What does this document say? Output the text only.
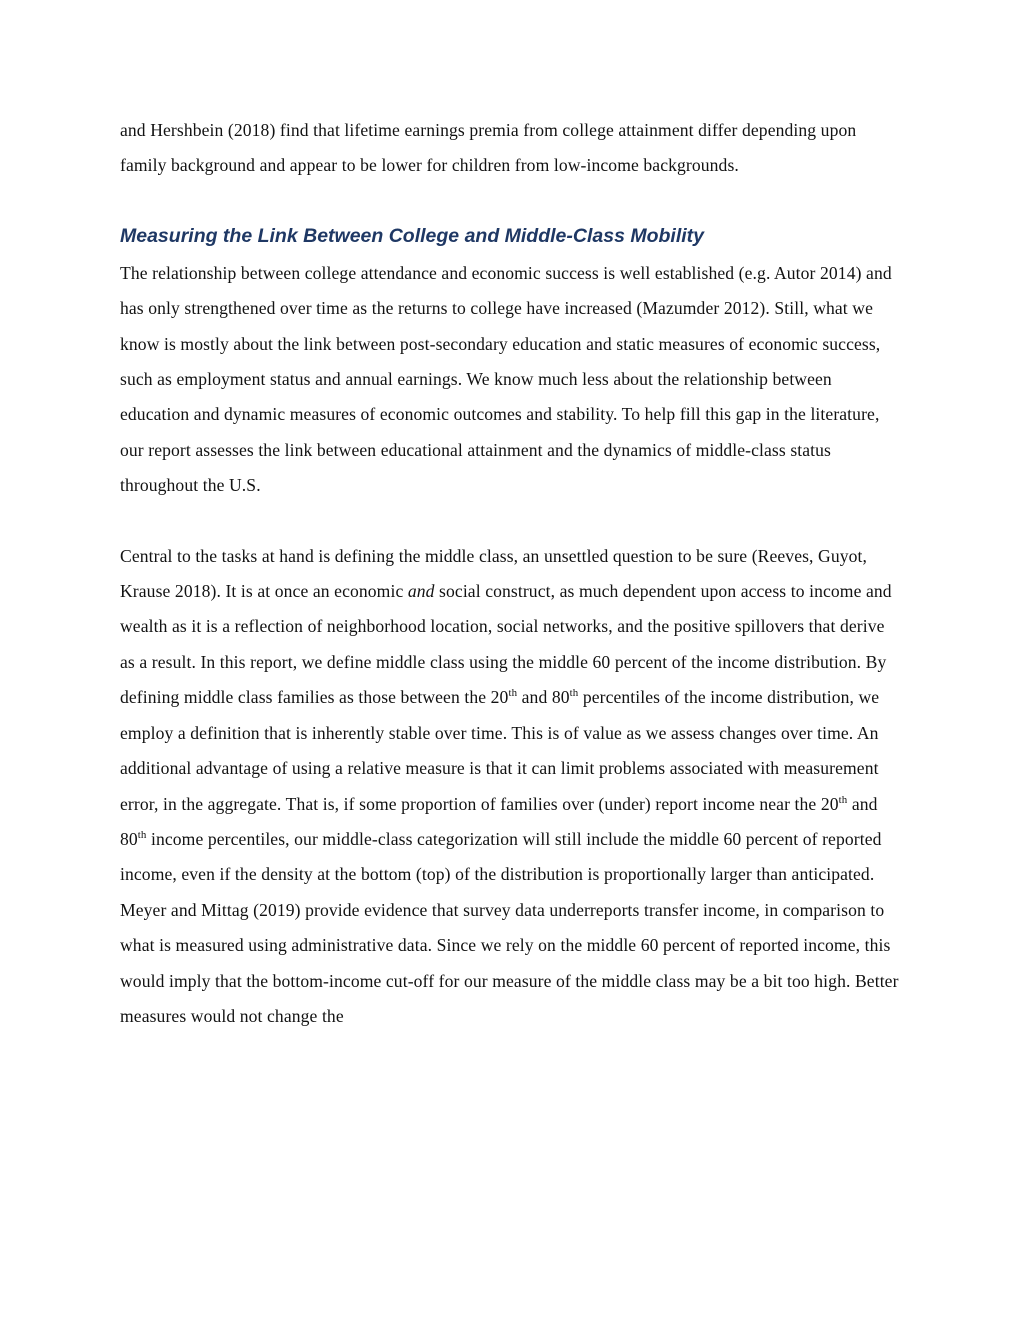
and Hershbein (2018) find that lifetime earnings premia from college attainment differ depending upon family background and appear to be lower for children from low-income backgrounds.

Measuring the Link Between College and Middle-Class Mobility

The relationship between college attendance and economic success is well established (e.g. Autor 2014) and has only strengthened over time as the returns to college have increased (Mazumder 2012). Still, what we know is mostly about the link between post-secondary education and static measures of economic success, such as employment status and annual earnings. We know much less about the relationship between education and dynamic measures of economic outcomes and stability. To help fill this gap in the literature, our report assesses the link between educational attainment and the dynamics of middle-class status throughout the U.S.

Central to the tasks at hand is defining the middle class, an unsettled question to be sure (Reeves, Guyot, Krause 2018). It is at once an economic and social construct, as much dependent upon access to income and wealth as it is a reflection of neighborhood location, social networks, and the positive spillovers that derive as a result. In this report, we define middle class using the middle 60 percent of the income distribution. By defining middle class families as those between the 20th and 80th percentiles of the income distribution, we employ a definition that is inherently stable over time. This is of value as we assess changes over time. An additional advantage of using a relative measure is that it can limit problems associated with measurement error, in the aggregate. That is, if some proportion of families over (under) report income near the 20th and 80th income percentiles, our middle-class categorization will still include the middle 60 percent of reported income, even if the density at the bottom (top) of the distribution is proportionally larger than anticipated. Meyer and Mittag (2019) provide evidence that survey data underreports transfer income, in comparison to what is measured using administrative data. Since we rely on the middle 60 percent of reported income, this would imply that the bottom-income cut-off for our measure of the middle class may be a bit too high. Better measures would not change the
